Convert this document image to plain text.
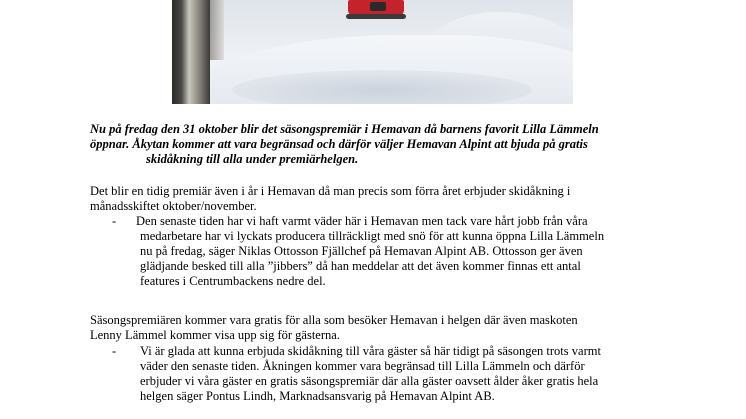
Nu på fredag den 31 oktober blir det säsongspremiär i Hemavan då barnens favorit Lilla Lämmeln
öppnar. Åkytan kommer att vara begränsad och därför väljer Hemavan Alpint att bjuda på gratis
skidåkning till alla under premiärhelgen.

Det blir en tidig premiär även i år i Hemavan då man precis som förra året erbjuder skidåkning i
månadsskiftet oktober/november.

-	Den senaste tiden har vi haft varmt väder här i Hemavan men tack vare hårt jobb från våra
medarbetare har vi lyckats producera tillräckligt med snö för att kunna öppna Lilla Lämmeln
nu på fredag, säger Niklas Ottosson Fjällchef på Hemavan Alpint AB. Ottosson ger även
glädjande besked till alla ”jibbers” då han meddelar att det även kommer finnas ett antal
features i Centrumbackens nedre del.

Säsongspremiären kommer vara gratis för alla som besöker Hemavan i helgen där även maskoten
Lenny Lämmel kommer visa upp sig för gästerna.

-	Vi är glada att kunna erbjuda skidåkning till våra gäster så här tidigt på säsongen trots varmt
väder den senaste tiden. Åkningen kommer vara begränsad till Lilla Lämmeln och därför
erbjuder vi våra gäster en gratis säsongspremiär där alla gäster oavsett ålder åker gratis hela
helgen säger Pontus Lindh, Marknadsansvarig på Hemavan Alpint AB.
